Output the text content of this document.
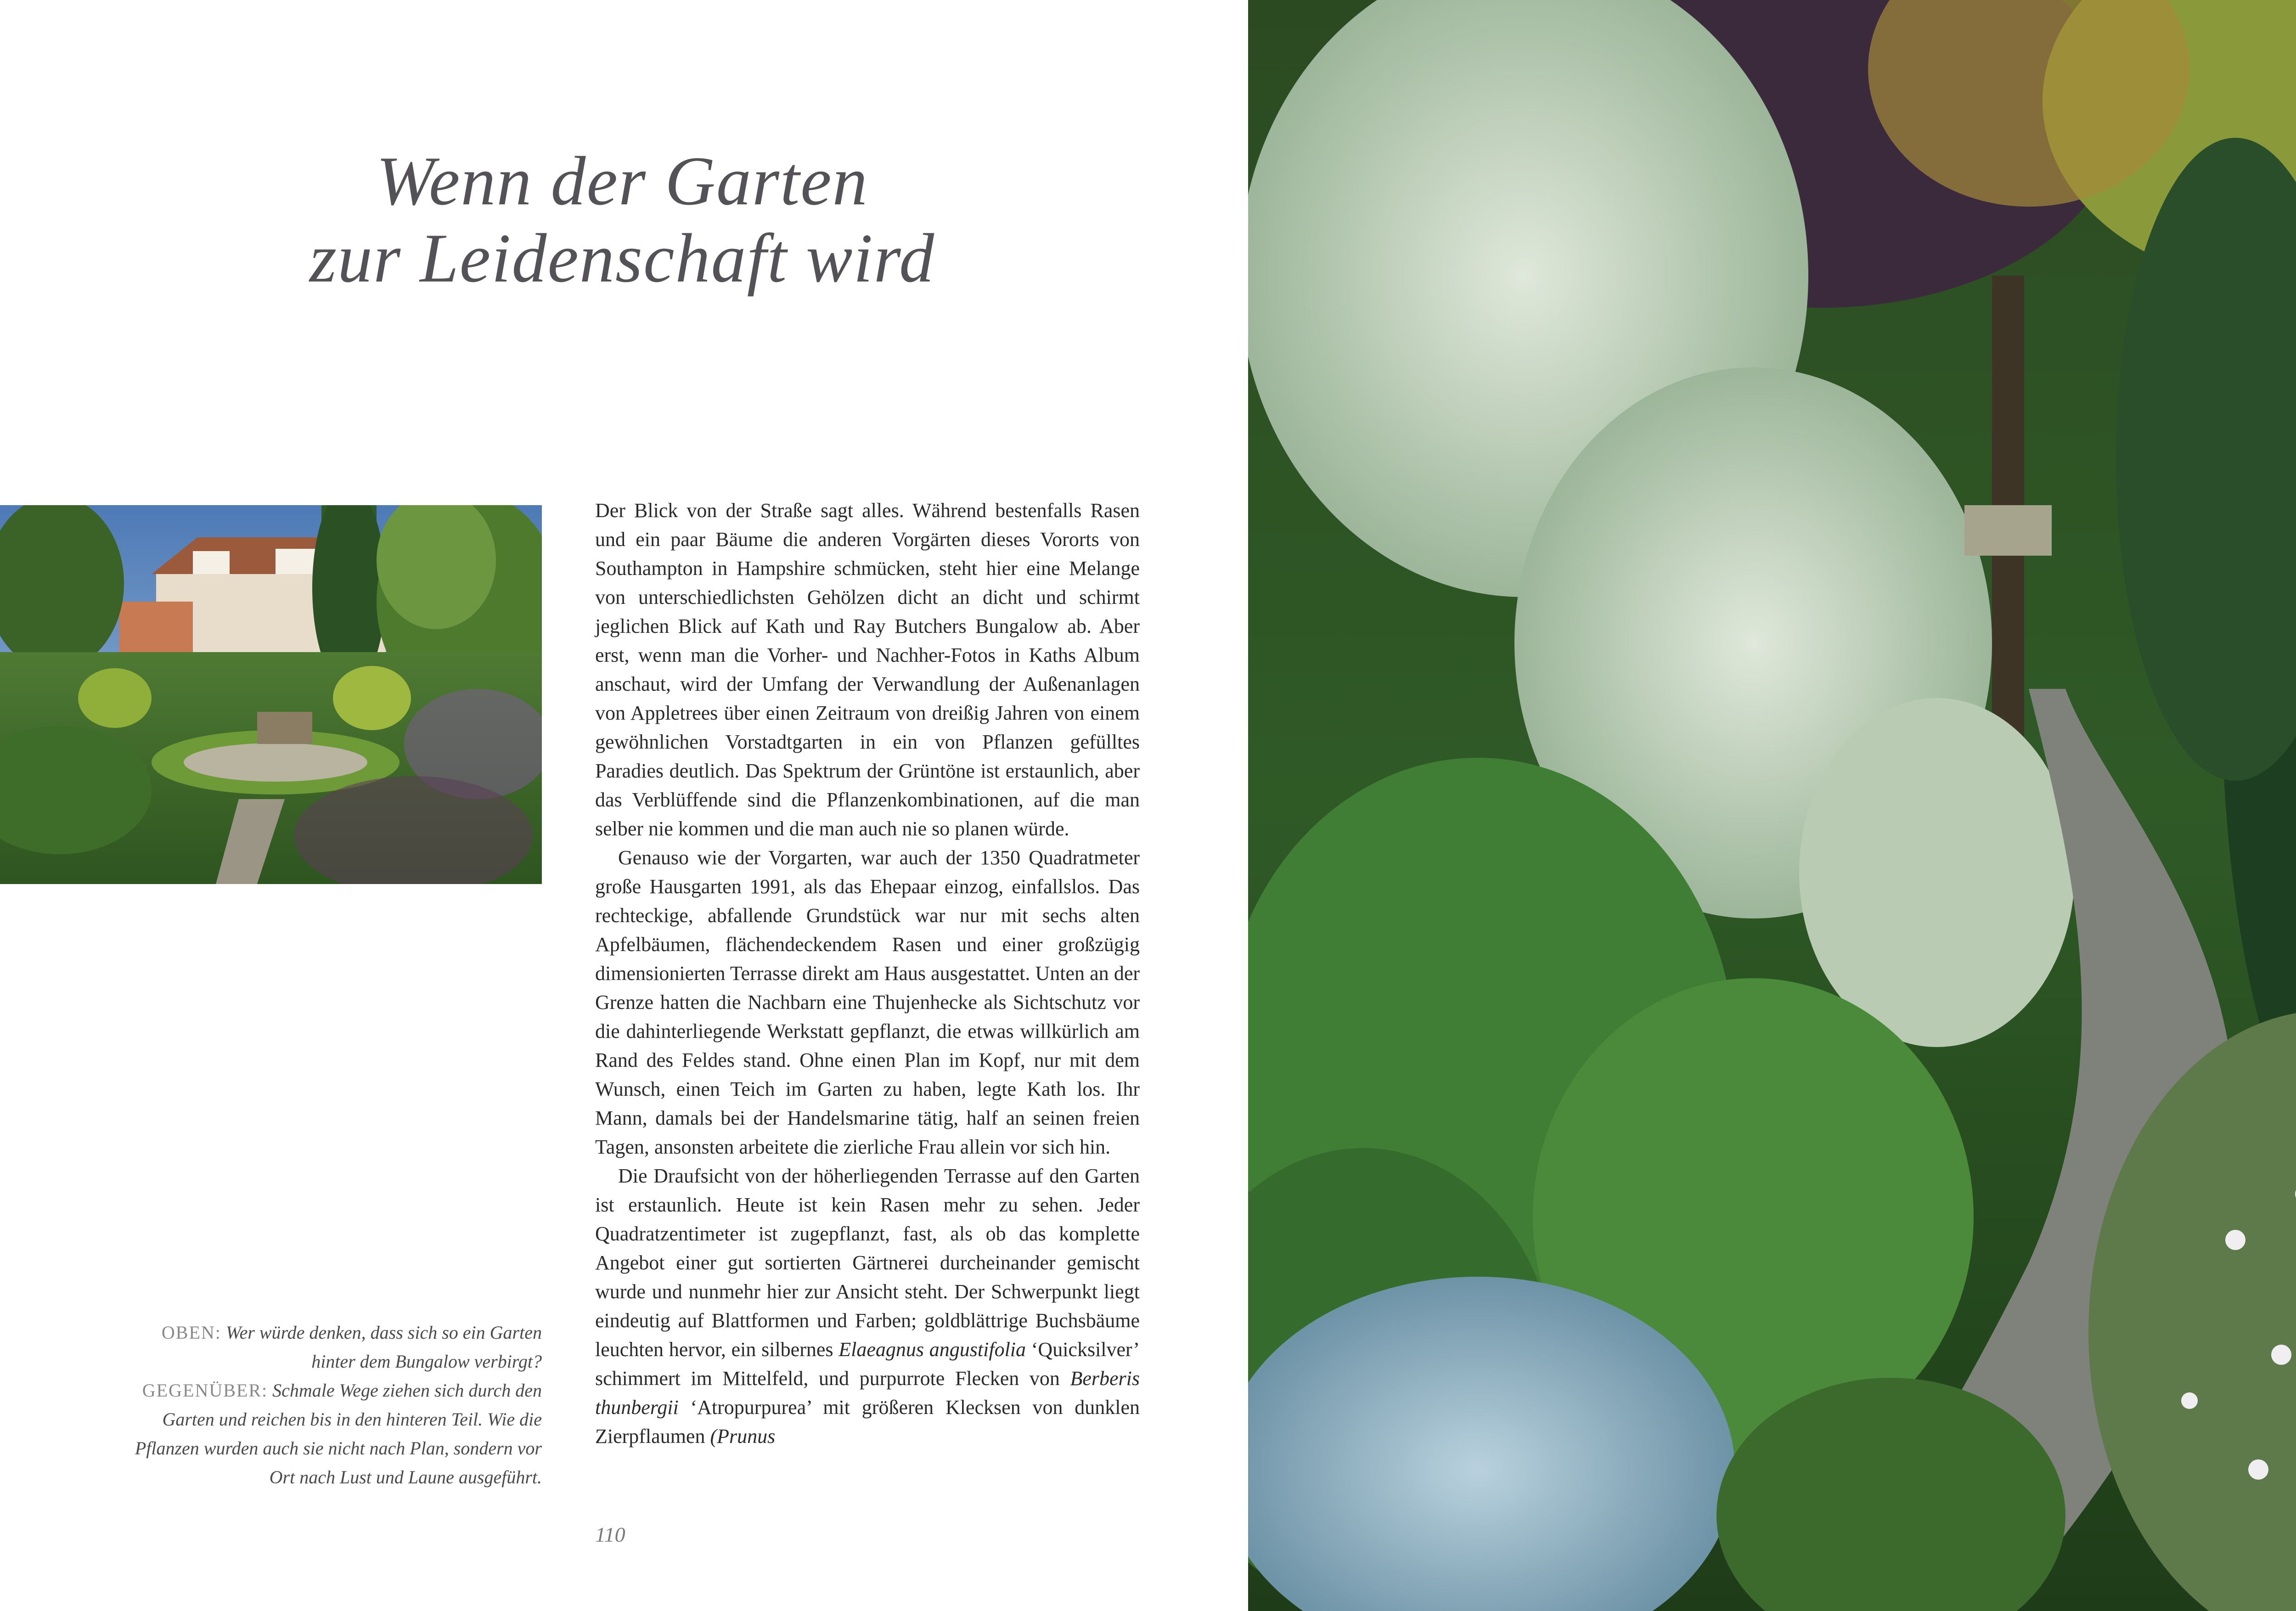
Wenn der Garten
zur Leidenschaft wird

Der Blick von der Straße sagt alles. Während bestenfalls Rasen und ein paar Bäume die anderen Vorgärten dieses Vororts von Southampton in Hampshire schmücken, steht hier eine Melange von unterschiedlichsten Gehölzen dicht an dicht und schirmt jeglichen Blick auf Kath und Ray Butchers Bungalow ab. Aber erst, wenn man die Vorher- und Nachher-Fotos in Kaths Album anschaut, wird der Umfang der Verwandlung der Außenanlagen von Appletrees über einen Zeitraum von dreißig Jahren von einem gewöhnlichen Vorstadtgarten in ein von Pflanzen gefülltes Paradies deutlich. Das Spektrum der Grüntöne ist erstaunlich, aber das Verblüffende sind die Pflanzenkombinationen, auf die man selber nie kommen und die man auch nie so planen würde.

Genauso wie der Vorgarten, war auch der 1350 Quadratmeter große Hausgarten 1991, als das Ehepaar einzog, einfallslos. Das rechteckige, abfallende Grundstück war nur mit sechs alten Apfelbäumen, flächendeckendem Rasen und einer großzügig dimensionierten Terrasse direkt am Haus ausgestattet. Unten an der Grenze hatten die Nachbarn eine Thujenhecke als Sichtschutz vor die dahinterliegende Werkstatt gepflanzt, die etwas willkürlich am Rand des Feldes stand. Ohne einen Plan im Kopf, nur mit dem Wunsch, einen Teich im Garten zu haben, legte Kath los. Ihr Mann, damals bei der Handelsmarine tätig, half an seinen freien Tagen, ansonsten arbeitete die zierliche Frau allein vor sich hin.

Die Draufsicht von der höherliegenden Terrasse auf den Garten ist erstaunlich. Heute ist kein Rasen mehr zu sehen. Jeder Quadratzentimeter ist zugepflanzt, fast, als ob das komplette Angebot einer gut sortierten Gärtnerei durcheinander gemischt wurde und nunmehr hier zur Ansicht steht. Der Schwerpunkt liegt eindeutig auf Blattformen und Farben; goldblättrige Buchsbäume leuchten hervor, ein silbernes Elaeagnus angustifolia ‘Quicksilver’ schimmert im Mittelfeld, und purpurrote Flecken von Berberis thunbergii ‘Atropurpurea’ mit größeren Klecksen von dunklen Zierpflaumen (Prunus

OBEN: Wer würde denken, dass sich so ein Garten hinter dem Bungalow verbirgt?
GEGENÜBER: Schmale Wege ziehen sich durch den Garten und reichen bis in den hinteren Teil. Wie die Pflanzen wurden auch sie nicht nach Plan, sondern vor Ort nach Lust und Laune ausgeführt.
110
